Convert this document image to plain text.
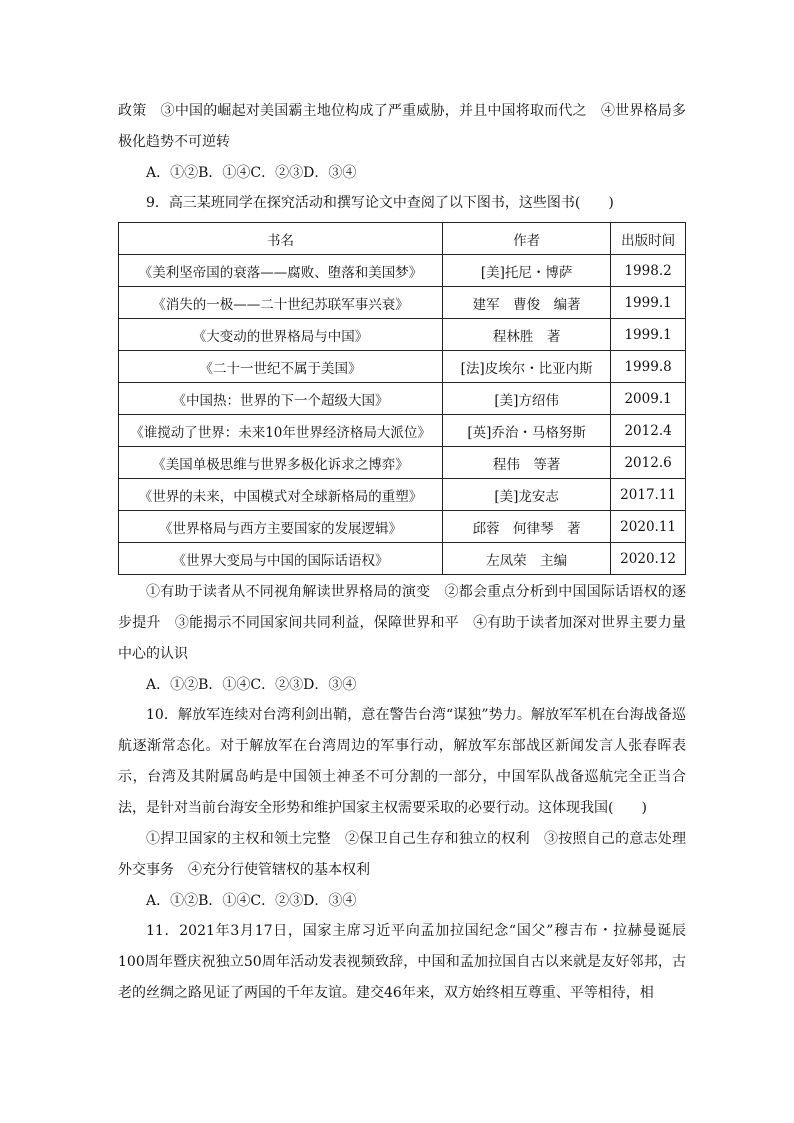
政策　③中国的崛起对美国霸主地位构成了严重威胁，并且中国将取而代之　④世界格局多极化趋势不可逆转

A．①②B．①④C．②③D．③④

9．高三某班同学在探究活动和撰写论文中查阅了以下图书，这些图书(　　)

书名	作者	出版时间
《美利坚帝国的衰落——腐败、堕落和美国梦》	[美]托尼・博萨	1998.2
《消失的一极——二十世纪苏联军事兴衰》	建军　曹俊　编著	1999.1
《大变动的世界格局与中国》	程林胜　著	1999.1
《二十一世纪不属于美国》	[法]皮埃尔・比亚内斯	1999.8
《中国热：世界的下一个超级大国》	[美]方绍伟	2009.1
《谁搅动了世界：未来10年世界经济格局大派位》	[英]乔治・马格努斯	2012.4
《美国单极思维与世界多极化诉求之博弈》	程伟　等著	2012.6
《世界的未来，中国模式对全球新格局的重塑》	[美]龙安志	2017.11
《世界格局与西方主要国家的发展逻辑》	邱蓉　何律琴　著	2020.11
《世界大变局与中国的国际话语权》	左凤荣　主编	2020.12

①有助于读者从不同视角解读世界格局的演变　②都会重点分析到中国国际话语权的逐步提升　③能揭示不同国家间共同利益，保障世界和平　④有助于读者加深对世界主要力量中心的认识

A．①②B．①④C．②③D．③④

10．解放军连续对台湾利剑出鞘，意在警告台湾“谋独”势力。解放军军机在台海战备巡航逐渐常态化。对于解放军在台湾周边的军事行动，解放军东部战区新闻发言人张春晖表示，台湾及其附属岛屿是中国领土神圣不可分割的一部分，中国军队战备巡航完全正当合法，是针对当前台海安全形势和维护国家主权需要采取的必要行动。这体现我国(　　)

①捍卫国家的主权和领土完整　②保卫自己生存和独立的权利　③按照自己的意志处理外交事务　④充分行使管辖权的基本权利

A．①②B．①④C．②③D．③④

11．2021年3月17日，国家主席习近平向孟加拉国纪念“国父”穆吉布・拉赫曼诞辰100周年暨庆祝独立50周年活动发表视频致辞，中国和孟加拉国自古以来就是友好邻邦，古老的丝绸之路见证了两国的千年友谊。建交46年来，双方始终相互尊重、平等相待，相
